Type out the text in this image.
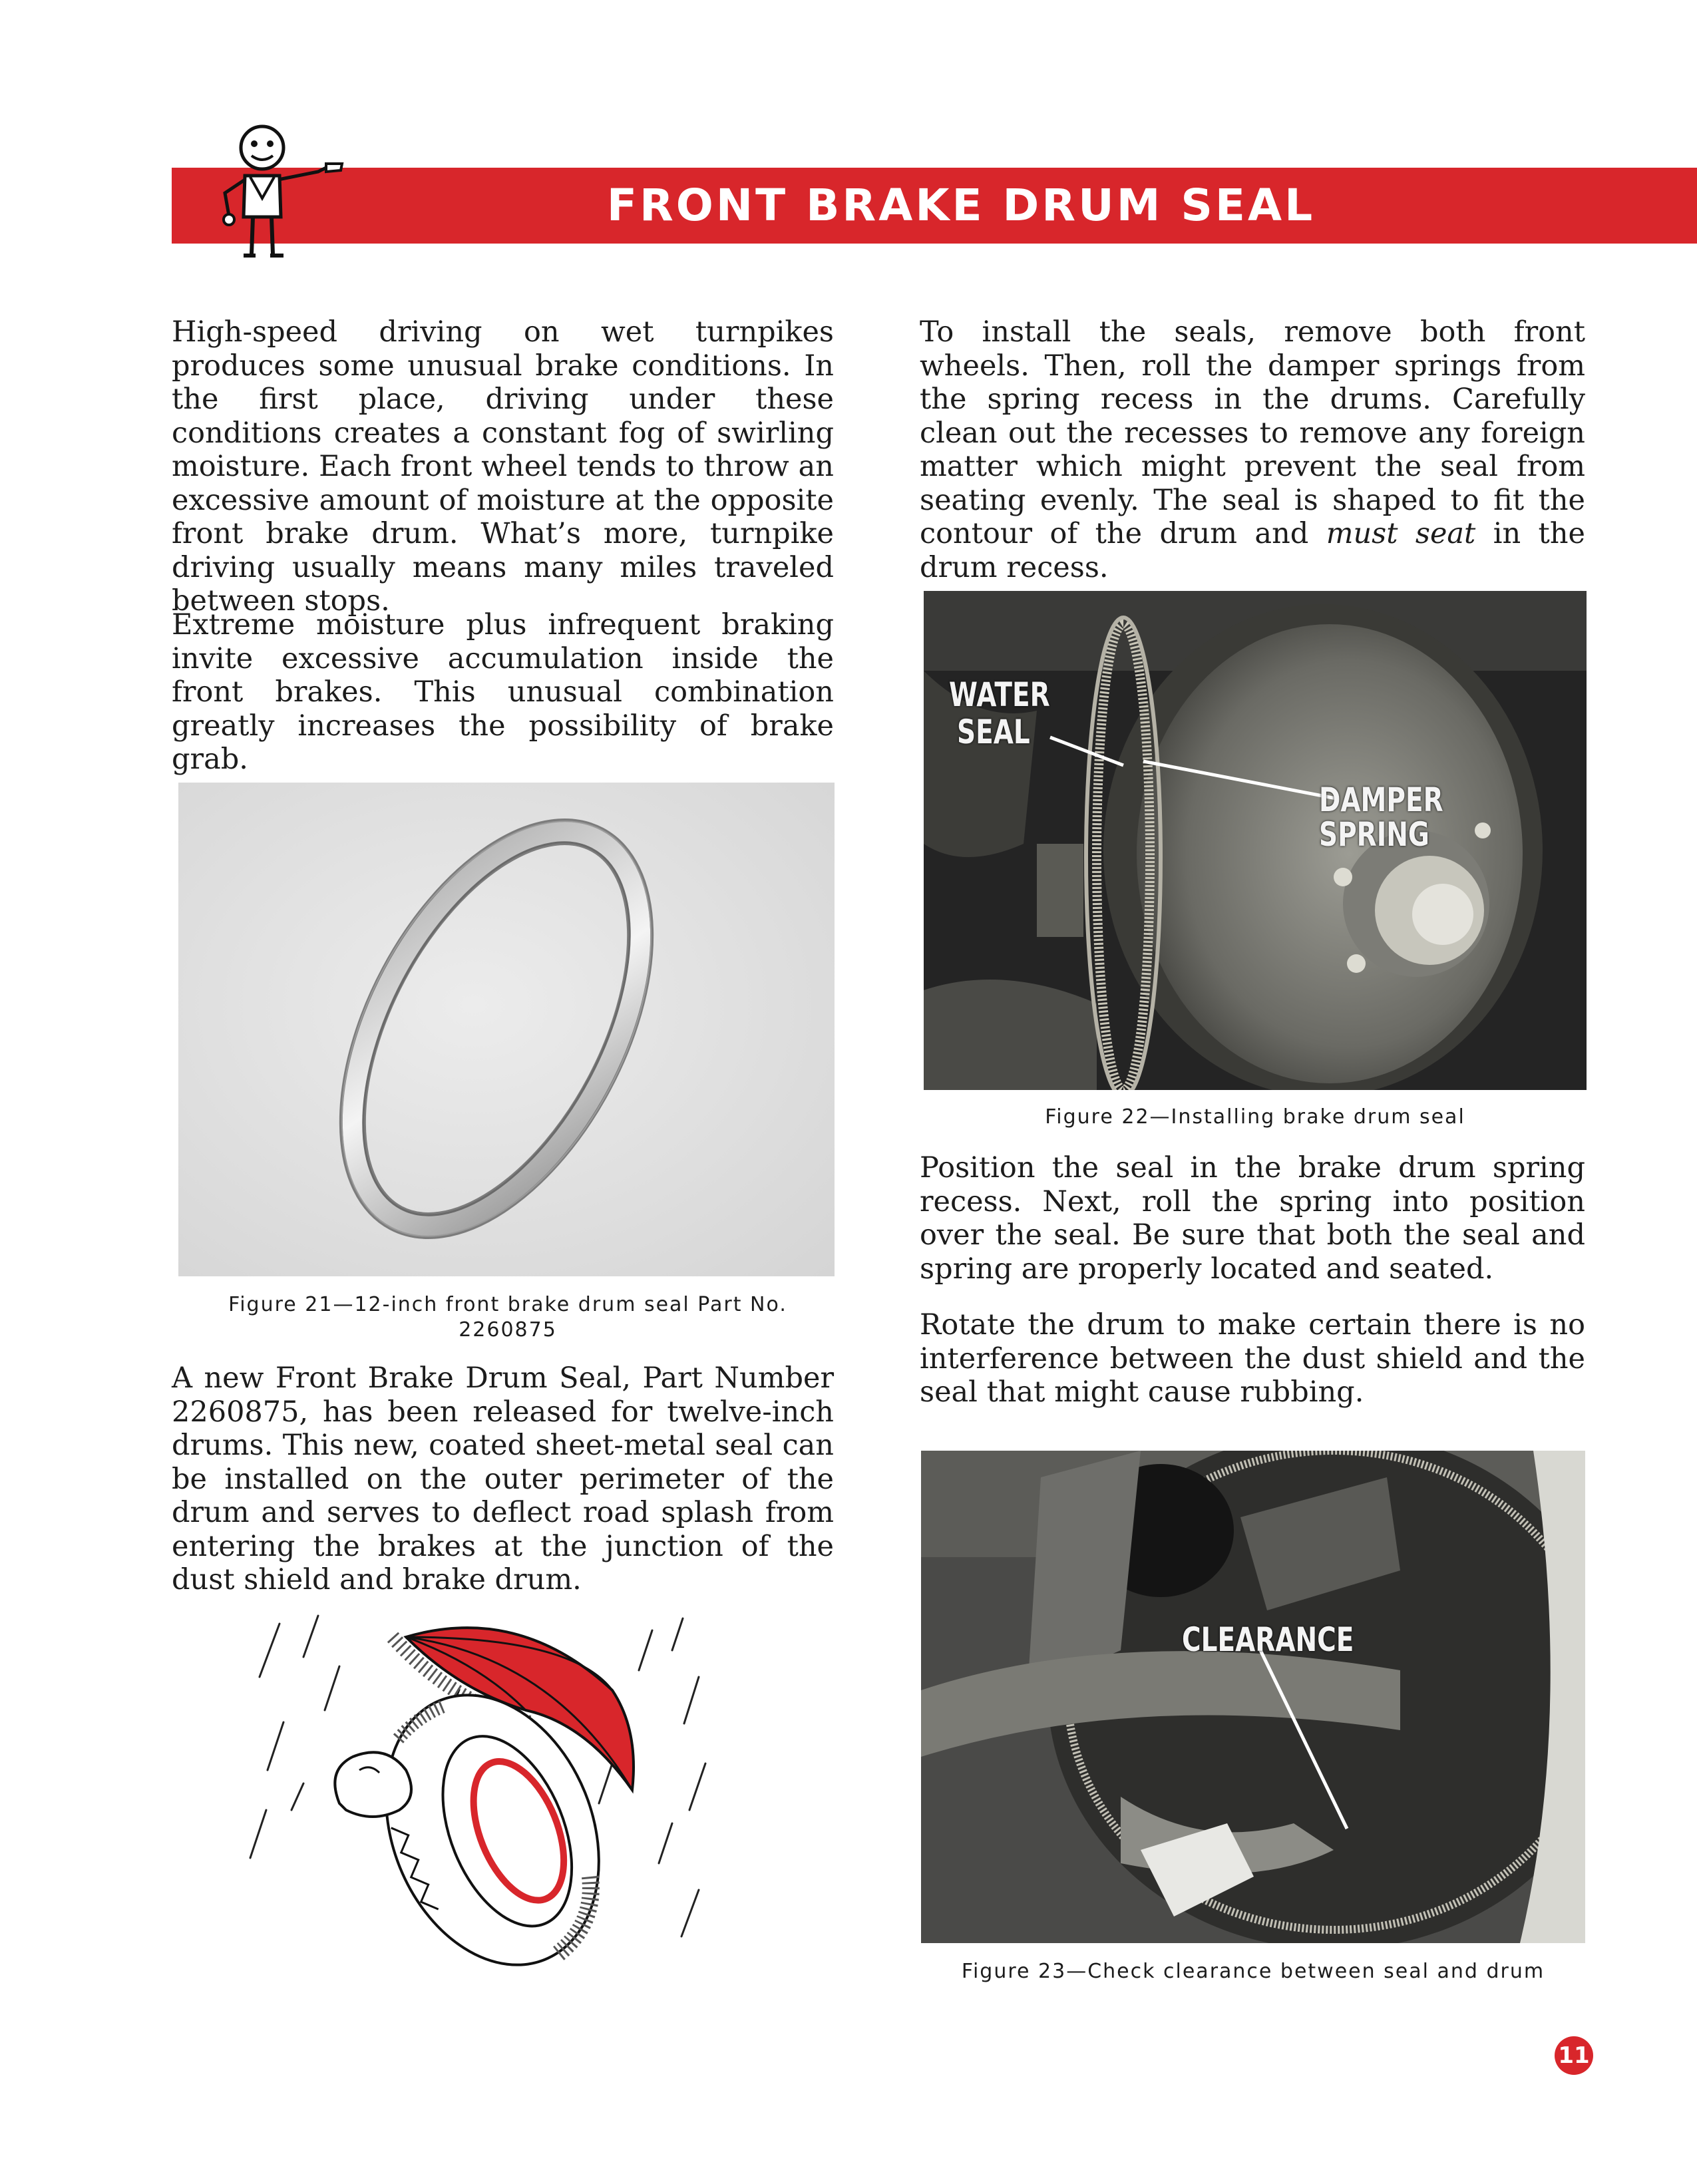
FRONT BRAKE DRUM SEAL

High-speed driving on wet turnpikes produces some unusual brake conditions. In the first place, driving under these conditions creates a constant fog of swirling moisture. Each front wheel tends to throw an excessive amount of moisture at the opposite front brake drum. What’s more, turnpike driving usually means many miles traveled between stops.

Extreme moisture plus infrequent braking invite excessive accumulation inside the front brakes. This unusual combination greatly increases the possibility of brake grab.

Figure 21—12-inch front brake drum seal Part No. 2260875

A new Front Brake Drum Seal, Part Number 2260875, has been released for twelve-inch drums. This new, coated sheet-metal seal can be installed on the outer perimeter of the drum and serves to deflect road splash from entering the brakes at the junction of the dust shield and brake drum.

To install the seals, remove both front wheels. Then, roll the damper springs from the spring recess in the drums. Carefully clean out the recesses to remove any foreign matter which might prevent the seal from seating evenly. The seal is shaped to fit the contour of the drum and must seat in the drum recess.

WATER
SEAL
DAMPER SPRING

Figure 22—Installing brake drum seal

Position the seal in the brake drum spring recess. Next, roll the spring into position over the seal. Be sure that both the seal and spring are properly located and seated.

Rotate the drum to make certain there is no interference between the dust shield and the seal that might cause rubbing.

CLEARANCE

Figure 23—Check clearance between seal and drum

11
